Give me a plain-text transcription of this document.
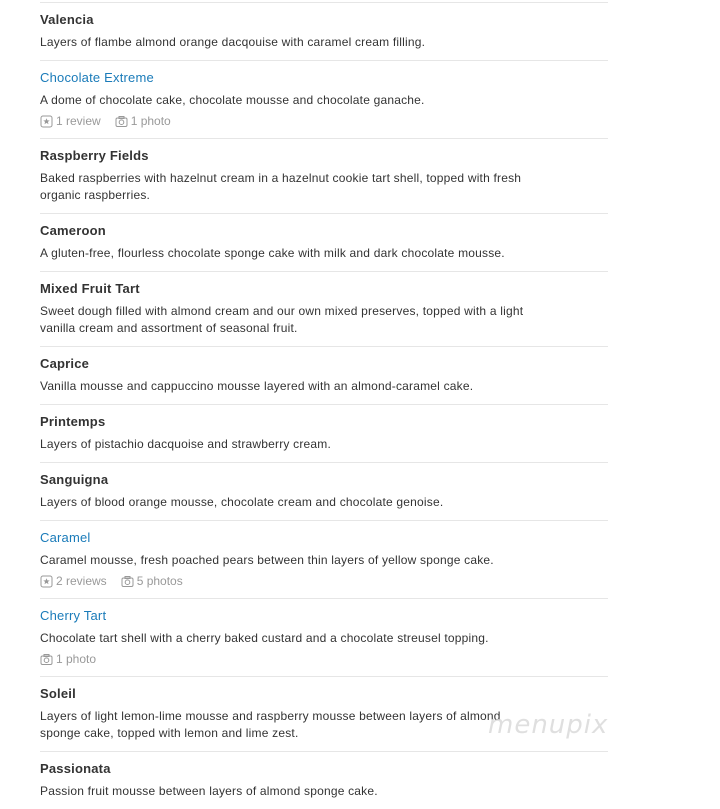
Valencia
Layers of flambe almond orange dacqouise with caramel cream filling.
Chocolate Extreme
A dome of chocolate cake, chocolate mousse and chocolate ganache.
1 review	1 photo
Raspberry Fields
Baked raspberries with hazelnut cream in a hazelnut cookie tart shell, topped with fresh organic raspberries.
Cameroon
A gluten-free, flourless chocolate sponge cake with milk and dark chocolate mousse.
Mixed Fruit Tart
Sweet dough filled with almond cream and our own mixed preserves, topped with a light vanilla cream and assortment of seasonal fruit.
Caprice
Vanilla mousse and cappuccino mousse layered with an almond-caramel cake.
Printemps
Layers of pistachio dacquoise and strawberry cream.
Sanguigna
Layers of blood orange mousse, chocolate cream and chocolate genoise.
Caramel
Caramel mousse, fresh poached pears between thin layers of yellow sponge cake.
2 reviews	5 photos
Cherry Tart
Chocolate tart shell with a cherry baked custard and a chocolate streusel topping.
1 photo
Soleil
Layers of light lemon-lime mousse and raspberry mousse between layers of almond sponge cake, topped with lemon and lime zest.
Passionata
Passion fruit mousse between layers of almond sponge cake.
menupix
